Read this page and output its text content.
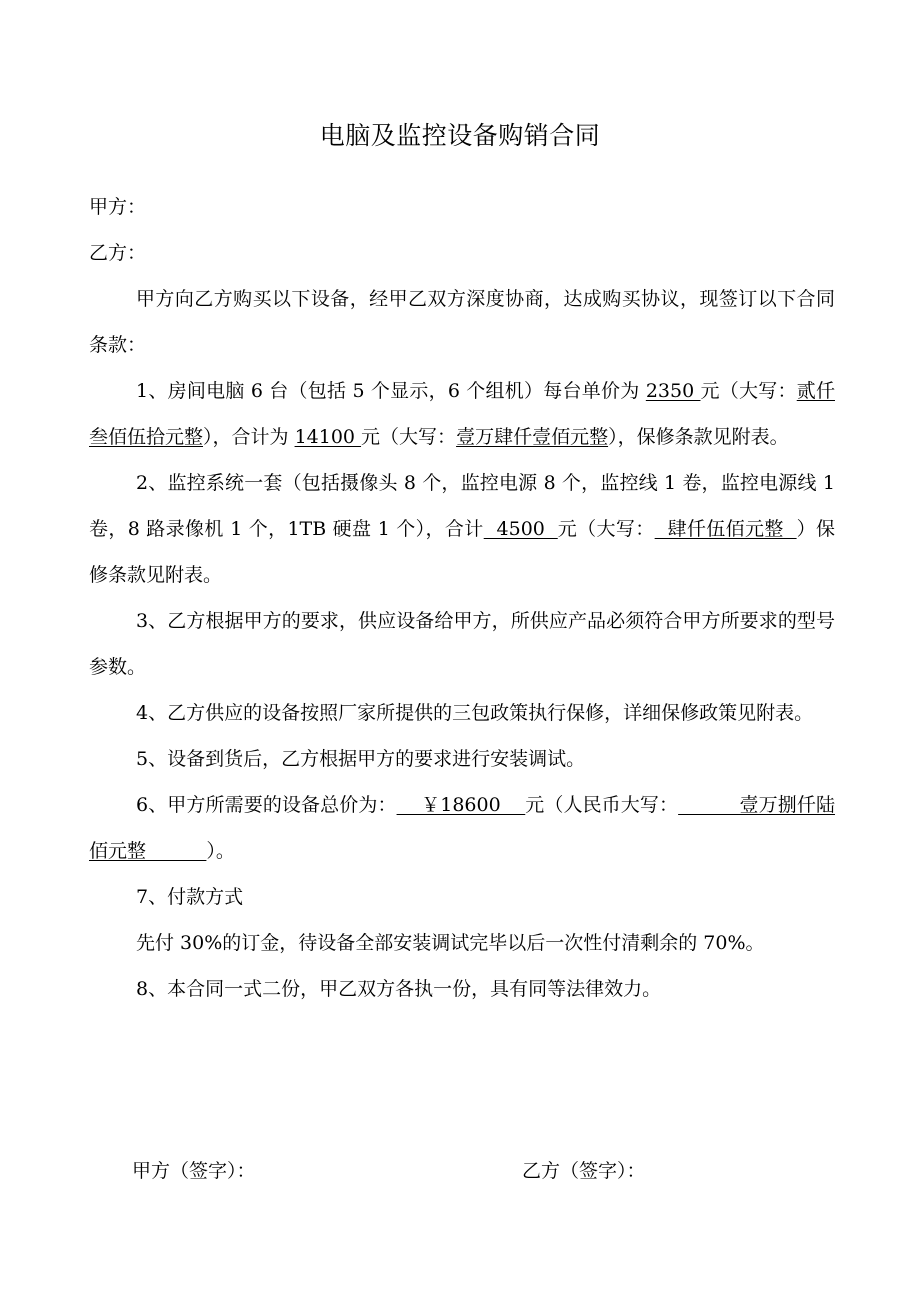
电脑及监控设备购销合同

甲方：

乙方：

甲方向乙方购买以下设备，经甲乙双方深度协商，达成购买协议，现签订以下合同条款：

1、房间电脑 6 台（包括 5 个显示，6 个组机）每台单价为 2350 元（大写：贰仟叁佰伍拾元整），合计为 14100 元（大写：壹万肆仟壹佰元整），保修条款见附表。

2、监控系统一套（包括摄像头 8 个，监控电源 8 个，监控线 1 卷，监控电源线 1 卷，8 路录像机 1 个，1TB 硬盘 1 个），合计  4500  元（大写：  肆仟伍佰元整  ）保修条款见附表。

3、乙方根据甲方的要求，供应设备给甲方，所供应产品必须符合甲方所要求的型号参数。

4、乙方供应的设备按照厂家所提供的三包政策执行保修，详细保修政策见附表。

5、设备到货后，乙方根据甲方的要求进行安装调试。

6、甲方所需要的设备总价为：    ￥18600    元（人民币大写：          壹万捌仟陆佰元整          ）。

7、付款方式

先付 30%的订金，待设备全部安装调试完毕以后一次性付清剩余的 70%。

8、本合同一式二份，甲乙双方各执一份，具有同等法律效力。

甲方（签字）：	乙方（签字）：
